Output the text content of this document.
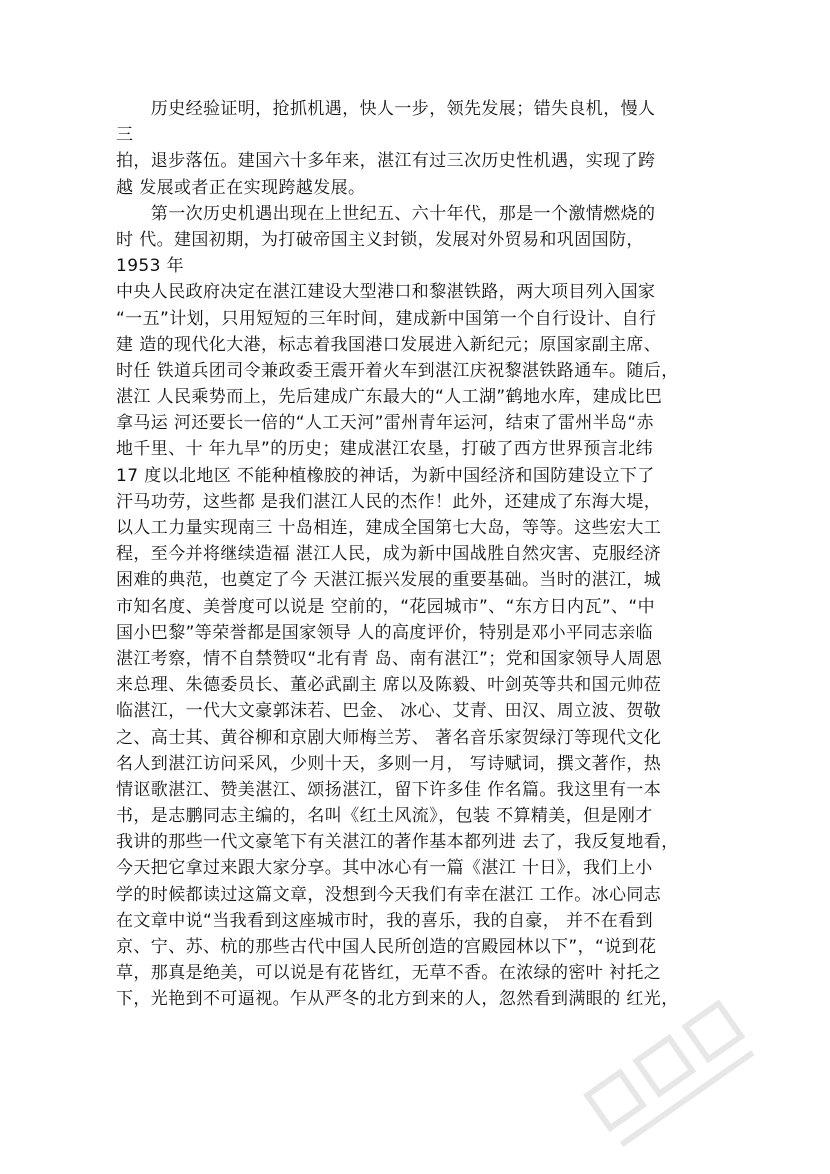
　　历史经验证明，抢抓机遇，快人一步，领先发展；错失良机，慢人
三
拍，退步落伍。建国六十多年来，湛江有过三次历史性机遇，实现了跨
越 发展或者正在实现跨越发展。
　　第一次历史机遇出现在上世纪五、六十年代，那是一个激情燃烧的
时 代。建国初期，为打破帝国主义封锁，发展对外贸易和巩固国防，
1953 年
中央人民政府决定在湛江建设大型港口和黎湛铁路，两大项目列入国家
“一五”计划，只用短短的三年时间，建成新中国第一个自行设计、自行
建 造的现代化大港，标志着我国港口发展进入新纪元；原国家副主席、
时任 铁道兵团司令兼政委王震开着火车到湛江庆祝黎湛铁路通车。随后，
湛江 人民乘势而上，先后建成广东最大的“人工湖”鹤地水库，建成比巴
拿马运 河还要长一倍的“人工天河”雷州青年运河，结束了雷州半岛“赤
地千里、十 年九旱”的历史；建成湛江农垦，打破了西方世界预言北纬
17 度以北地区 不能种植橡胶的神话，为新中国经济和国防建设立下了
汗马功劳，这些都 是我们湛江人民的杰作！此外，还建成了东海大堤，
以人工力量实现南三 十岛相连，建成全国第七大岛，等等。这些宏大工
程，至今并将继续造福 湛江人民，成为新中国战胜自然灾害、克服经济
困难的典范，也奠定了今 天湛江振兴发展的重要基础。当时的湛江，城
市知名度、美誉度可以说是 空前的，“花园城市”、“东方日内瓦”、“中
国小巴黎”等荣誉都是国家领导 人的高度评价，特别是邓小平同志亲临
湛江考察，情不自禁赞叹“北有青 岛、南有湛江”；党和国家领导人周恩
来总理、朱德委员长、董必武副主 席以及陈毅、叶剑英等共和国元帅莅
临湛江，一代大文豪郭沫若、巴金、 冰心、艾青、田汉、周立波、贺敬
之、高士其、黄谷柳和京剧大师梅兰芳、 著名音乐家贺绿汀等现代文化
名人到湛江访问采风，少则十天，多则一月， 写诗赋词，撰文著作，热
情讴歌湛江、赞美湛江、颂扬湛江，留下许多佳 作名篇。我这里有一本
书，是志鹏同志主编的，名叫《红土风流》，包装 不算精美，但是刚才
我讲的那些一代文豪笔下有关湛江的著作基本都列进 去了，我反复地看，
今天把它拿过来跟大家分享。其中冰心有一篇《湛江 十日》，我们上小
学的时候都读过这篇文章，没想到今天我们有幸在湛江 工作。冰心同志
在文章中说“当我看到这座城市时，我的喜乐，我的自豪， 并不在看到
京、宁、苏、杭的那些古代中国人民所创造的宫殿园林以下”，“说到花
草，那真是绝美，可以说是有花皆红，无草不香。在浓绿的密叶 衬托之
下，光艳到不可逼视。乍从严冬的北方到来的人，忽然看到满眼的 红光，
